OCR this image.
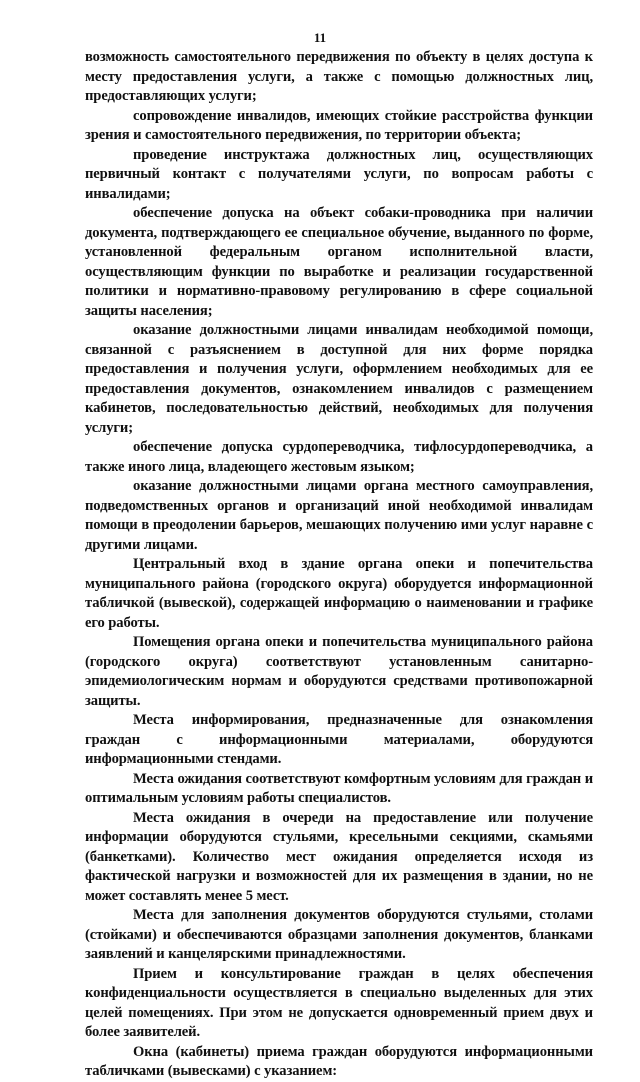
11

возможность самостоятельного передвижения по объекту в целях доступа к месту предоставления услуги, а также с помощью должностных лиц, предоставляющих услуги;

сопровождение инвалидов, имеющих стойкие расстройства функции зрения и самостоятельного передвижения, по территории объекта;

проведение инструктажа должностных лиц, осуществляющих первичный контакт с получателями услуги, по вопросам работы с инвалидами;

обеспечение допуска на объект собаки-проводника при наличии документа, подтверждающего ее специальное обучение, выданного по форме, установленной федеральным органом исполнительной власти, осуществляющим функции по выработке и реализации государственной политики и нормативно-правовому регулированию в сфере социальной защиты населения;

оказание должностными лицами инвалидам необходимой помощи, связанной с разъяснением в доступной для них форме порядка предоставления и получения услуги, оформлением необходимых для ее предоставления документов, ознакомлением инвалидов с размещением кабинетов, последовательностью действий, необходимых для получения услуги;

обеспечение допуска сурдопереводчика, тифлосурдопереводчика, а также иного лица, владеющего жестовым языком;

оказание должностными лицами органа местного самоуправления, подведомственных органов и организаций иной необходимой инвалидам помощи в преодолении барьеров, мешающих получению ими услуг наравне с другими лицами.

Центральный вход в здание органа опеки и попечительства муниципального района (городского округа) оборудуется информационной табличкой (вывеской), содержащей информацию о наименовании и графике его работы.

Помещения органа опеки и попечительства муниципального района (городского округа) соответствуют установленным санитарно-эпидемиологическим нормам и оборудуются средствами противопожарной защиты.

Места информирования, предназначенные для ознакомления граждан с информационными материалами, оборудуются информационными стендами.

Места ожидания соответствуют комфортным условиям для граждан и оптимальным условиям работы специалистов.

Места ожидания в очереди на предоставление или получение информации оборудуются стульями, кресельными секциями, скамьями (банкетками). Количество мест ожидания определяется исходя из фактической нагрузки и возможностей для их размещения в здании, но не может составлять менее 5 мест.

Места для заполнения документов оборудуются стульями, столами (стойками) и обеспечиваются образцами заполнения документов, бланками заявлений и канцелярскими принадлежностями.

Прием и консультирование граждан в целях обеспечения конфиденциальности осуществляется в специально выделенных для этих целей помещениях. При этом не допускается одновременный прием двух и более заявителей.

Окна (кабинеты) приема граждан оборудуются информационными табличками (вывесками) с указанием:
